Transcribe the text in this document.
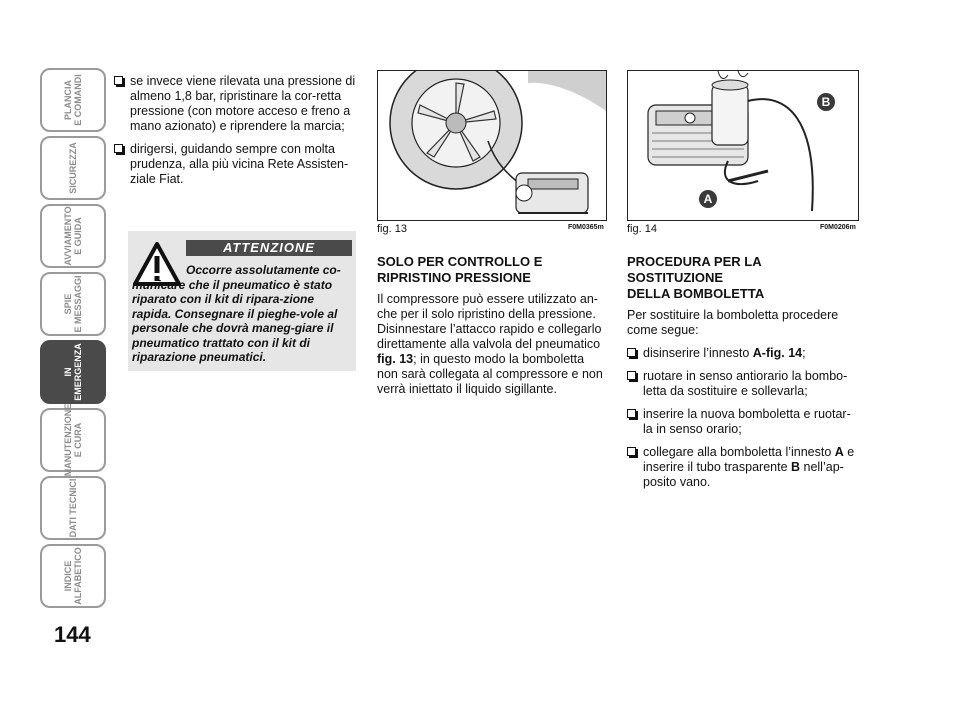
PLANCIA
E COMANDI
SICUREZZA
AVVIAMENTO
E GUIDA
SPIE
E MESSAGGI
IN
EMERGENZA
MANUTENZIONE
E CURA
DATI TECNICI
INDICE
ALFABETICO
144
se invece viene rilevata una pressione di almeno 1,8 bar, ripristinare la cor-retta pressione (con motore acceso e freno a mano azionato) e riprendere la marcia;
dirigersi, guidando sempre con molta prudenza, alla più vicina Rete Assisten-ziale Fiat.
ATTENZIONE
Occorre assolutamente co-municare che il pneumatico è stato riparato con il kit di ripara-zione rapida. Consegnare il pieghe-vole al personale che dovrà maneg-giare il pneumatico trattato con il kit di riparazione pneumatici.
fig. 13	F0M0365m
B
A
fig. 14	F0M0206m
SOLO PER CONTROLLO E RIPRISTINO PRESSIONE
Il compressore può essere utilizzato an-che per il solo ripristino della pressione. Disinnestare l’attacco rapido e collegarlo direttamente alla valvola del pneumatico fig. 13; in questo modo la bomboletta non sarà collegata al compressore e non verrà iniettato il liquido sigillante.
PROCEDURA PER LA
SOSTITUZIONE
DELLA BOMBOLETTA
Per sostituire la bomboletta procedere come segue:
disinserire l’innesto A-fig. 14;
ruotare in senso antiorario la bombo-letta da sostituire e sollevarla;
inserire la nuova bomboletta e ruotar-la in senso orario;
collegare alla bomboletta l’innesto A e inserire il tubo trasparente B nell’ap-posito vano.
